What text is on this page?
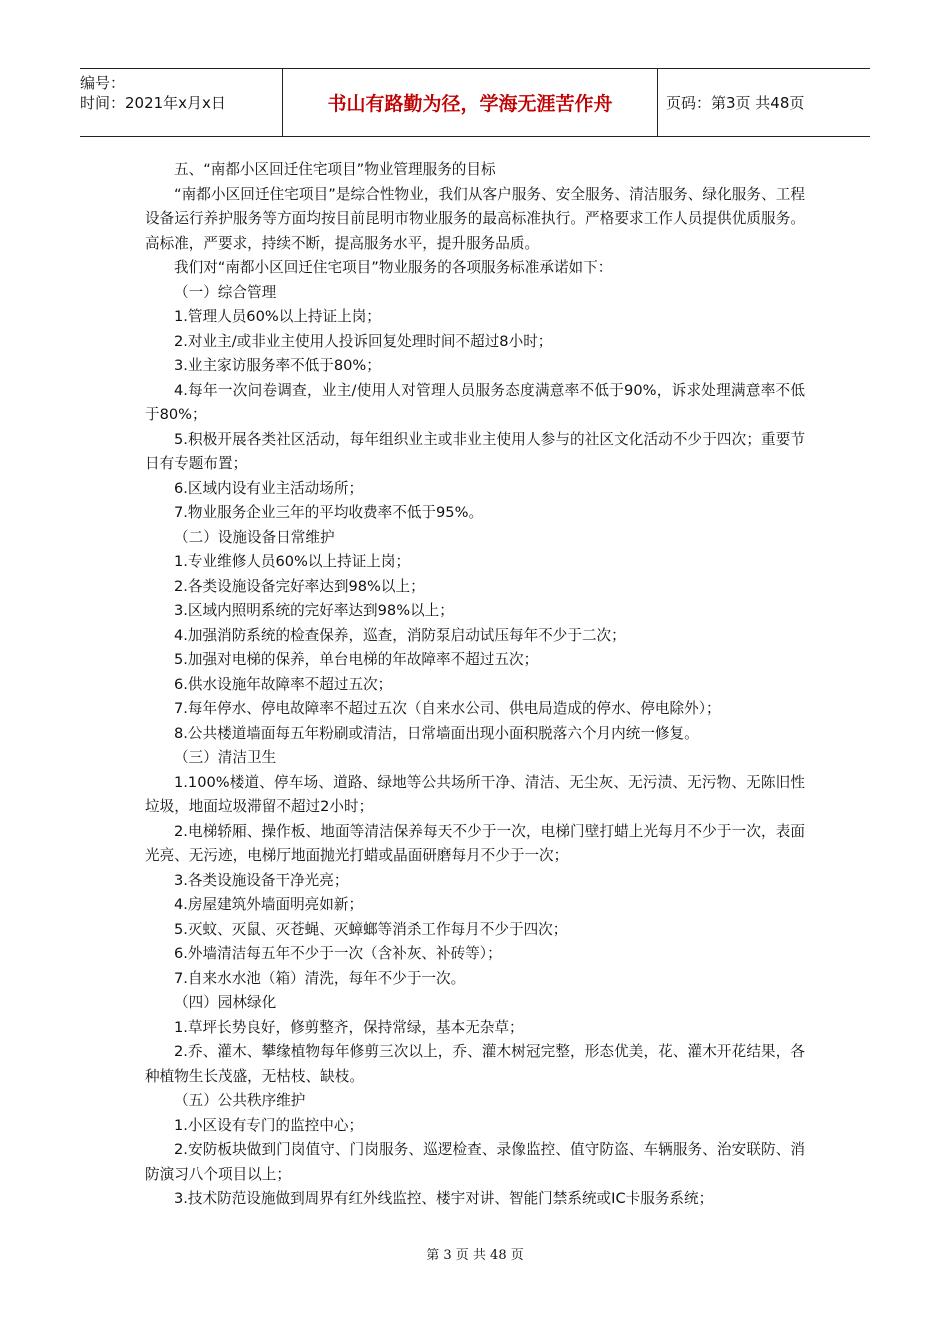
编号：
时间：2021年x月x日	书山有路勤为径，学海无涯苦作舟	页码：第3页 共48页

五、“南都小区回迁住宅项目”物业管理服务的目标

“南都小区回迁住宅项目”是综合性物业，我们从客户服务、安全服务、清洁服务、绿化服务、工程设备运行养护服务等方面均按目前昆明市物业服务的最高标准执行。严格要求工作人员提供优质服务。高标准，严要求，持续不断，提高服务水平，提升服务品质。

我们对“南都小区回迁住宅项目”物业服务的各项服务标准承诺如下：

（一）综合管理

1.管理人员60%以上持证上岗；

2.对业主/或非业主使用人投诉回复处理时间不超过8小时；

3.业主家访服务率不低于80%；

4.每年一次问卷调查，业主/使用人对管理人员服务态度满意率不低于90%，诉求处理满意率不低于80%；

5.积极开展各类社区活动，每年组织业主或非业主使用人参与的社区文化活动不少于四次；重要节日有专题布置；

6.区域内设有业主活动场所；

7.物业服务企业三年的平均收费率不低于95%。

（二）设施设备日常维护

1.专业维修人员60%以上持证上岗；

2.各类设施设备完好率达到98%以上；

3.区域内照明系统的完好率达到98%以上；

4.加强消防系统的检查保养，巡查，消防泵启动试压每年不少于二次；

5.加强对电梯的保养，单台电梯的年故障率不超过五次；

6.供水设施年故障率不超过五次；

7.每年停水、停电故障率不超过五次（自来水公司、供电局造成的停水、停电除外）；

8.公共楼道墙面每五年粉刷或清洁，日常墙面出现小面积脱落六个月内统一修复。

（三）清洁卫生

1.100%楼道、停车场、道路、绿地等公共场所干净、清洁、无尘灰、无污渍、无污物、无陈旧性垃圾，地面垃圾滞留不超过2小时；

2.电梯轿厢、操作板、地面等清洁保养每天不少于一次，电梯门壁打蜡上光每月不少于一次，表面光亮、无污迹，电梯厅地面抛光打蜡或晶面研磨每月不少于一次；

3.各类设施设备干净光亮；

4.房屋建筑外墙面明亮如新；

5.灭蚊、灭鼠、灭苍蝇、灭蟑螂等消杀工作每月不少于四次；

6.外墙清洁每五年不少于一次（含补灰、补砖等）；

7.自来水水池（箱）清洗，每年不少于一次。

（四）园林绿化

1.草坪长势良好，修剪整齐，保持常绿，基本无杂草；

2.乔、灌木、攀缘植物每年修剪三次以上，乔、灌木树冠完整，形态优美，花、灌木开花结果，各种植物生长茂盛，无枯枝、缺枝。

（五）公共秩序维护

1.小区设有专门的监控中心；

2.安防板块做到门岗值守、门岗服务、巡逻检查、录像监控、值守防盗、车辆服务、治安联防、消防演习八个项目以上；

3.技术防范设施做到周界有红外线监控、楼宇对讲、智能门禁系统或IC卡服务系统；

第 3 页 共 48 页
